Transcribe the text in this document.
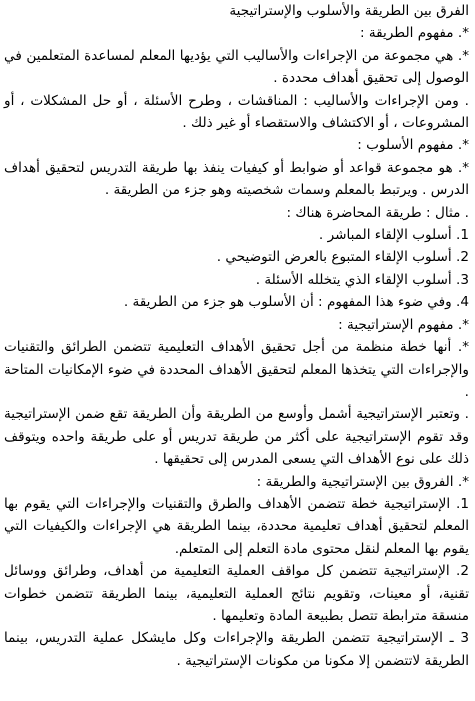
الفرق بين الطريقة والأسلوب والإستراتيجية

*. مفهوم الطريقة :

*. هي مجموعة من الإجراءات والأساليب التي يؤديها المعلم لمساعدة المتعلمين في الوصول إلى تحقيق أهداف محددة .

. ومن الإجراءات والأساليب : المناقشات ، وطرح الأسئلة ، أو حل المشكلات ، أو المشروعات ، أو الاكتشاف والاستقصاء أو غير ذلك .

*. مفهوم الأسلوب :

*. هو مجموعة قواعد أو ضوابط أو كيفيات ينفذ بها طريقة التدريس لتحقيق أهداف الدرس . ويرتبط بالمعلم وسمات شخصيته وهو جزء من الطريقة .

. مثال : طريقة المحاضرة هناك :

1. أسلوب الإلقاء المباشر .

2. أسلوب الإلقاء المتبوع بالعرض التوضيحي .

3. أسلوب الإلقاء الذي يتخلله الأسئلة .

4. وفي ضوء هذا المفهوم : أن الأسلوب هو جزء من الطريقة .

*. مفهوم الإستراتيجية :

*. أنها خطة منظمة من أجل تحقيق الأهداف التعليمية تتضمن الطرائق والتقنيات والإجراءات التي يتخذها المعلم لتحقيق الأهداف المحددة في ضوء الإمكانيات المتاحة .

. وتعتبر الإستراتيجية أشمل وأوسع من الطريقة وأن الطريقة تقع ضمن الإستراتيجية وقد تقوم الإستراتيجية على أكثر من طريقة تدريس أو على طريقة واحده ويتوقف ذلك على نوع الأهداف التي يسعى المدرس إلى تحقيقها .

*. الفروق بين الإستراتيجية والطريقة :

1. الإستراتيجية خطة تتضمن الأهداف والطرق والتقنيات والإجراءات التي يقوم بها المعلم لتحقيق أهداف تعليمية محددة، بينما الطريقة هي الإجراءات والكيفيات التي يقوم بها المعلم لنقل محتوى مادة التعلم إلى المتعلم.

2. الإستراتيجية تتضمن كل مواقف العملية التعليمية من أهداف، وطرائق ووسائل تقنية، أو معينات، وتقويم نتائج العملية التعليمية، بينما الطريقة تتضمن خطوات منسقة مترابطة تتصل بطبيعة المادة وتعليمها .

3 ـ الإستراتيجية تتضمن الطريقة والإجراءات وكل مايشكل عملية التدريس، بينما الطريقة لاتتضمن إلا مكونا من مكونات الإستراتيجية .
